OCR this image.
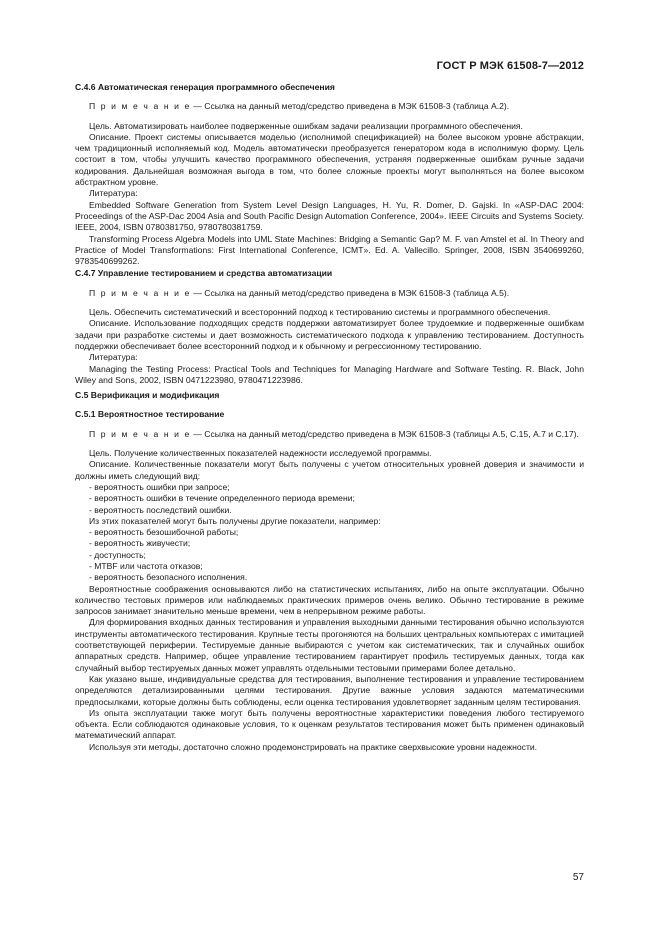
ГОСТ Р МЭК 61508-7—2012
C.4.6 Автоматическая генерация программного обеспечения

П р и м е ч а н и е — Ссылка на данный метод/средство приведена в МЭК 61508-3 (таблица А.2).

Цель. Автоматизировать наиболее подверженные ошибкам задачи реализации программного обеспечения.

Описание. Проект системы описывается моделью (исполнимой спецификацией) на более высоком уровне абстракции, чем традиционный исполняемый код. Модель автоматически преобразуется генератором кода в исполнимую форму. Цель состоит в том, чтобы улучшить качество программного обеспечения, устраняя подверженные ошибкам ручные задачи кодирования. Дальнейшая возможная выгода в том, что более сложные проекты могут выполняться на более высоком абстрактном уровне.

Литература:

Embedded Software Generation from System Level Design Languages, H. Yu, R. Domer, D. Gajski. In «ASP-DAC 2004: Proceedings of the ASP-Dac 2004 Asia and South Pacific Design Automation Conference, 2004». IEEE Circuits and Systems Society. IEEE, 2004, ISBN 0780381750, 9780780381759.

Transforming Process Algebra Models into UML State Machines: Bridging a Semantic Gap? M. F. van Amstel et al. In Theory and Practice of Model Transformations: First International Conference, ICMT». Ed. A. Vallecillo. Springer, 2008, ISBN 3540699260, 9783540699262.

C.4.7 Управление тестированием и средства автоматизации

П р и м е ч а н и е — Ссылка на данный метод/средство приведена в МЭК 61508-3 (таблица А.5).

Цель. Обеспечить систематический и всесторонний подход к тестированию системы и программного обеспечения.

Описание. Использование подходящих средств поддержки автоматизирует более трудоемкие и подверженные ошибкам задачи при разработке системы и дает возможность систематического подхода к управлению тестированием. Доступность поддержки обеспечивает более всесторонний подход и к обычному и регрессионному тестированию.

Литература:

Managing the Testing Process: Practical Tools and Techniques for Managing Hardware and Software Testing. R. Black, John Wiley and Sons, 2002, ISBN 0471223980, 9780471223986.

C.5 Верификация и модификация
C.5.1 Вероятностное тестирование

П р и м е ч а н и е — Ссылка на данный метод/средство приведена в МЭК 61508-3 (таблицы А.5, С.15, А.7 и С.17).

Цель. Получение количественных показателей надежности исследуемой программы.

Описание. Количественные показатели могут быть получены с учетом относительных уровней доверия и значимости и должны иметь следующий вид:

- вероятность ошибки при запросе;
- вероятность ошибки в течение определенного периода времени;
- вероятность последствий ошибки.

Из этих показателей могут быть получены другие показатели, например:

- вероятность безошибочной работы;
- вероятность живучести;
- доступность;
- MTBF или частота отказов;
- вероятность безопасного исполнения.

Вероятностные соображения основываются либо на статистических испытаниях, либо на опыте эксплуатации. Обычно количество тестовых примеров или наблюдаемых практических примеров очень велико. Обычно тестирование в режиме запросов занимает значительно меньше времени, чем в непрерывном режиме работы.

Для формирования входных данных тестирования и управления выходными данными тестирования обычно используются инструменты автоматического тестирования. Крупные тесты прогоняются на больших центральных компьютерах с имитацией соответствующей периферии. Тестируемые данные выбираются с учетом как систематических, так и случайных ошибок аппаратных средств. Например, общее управление тестированием гарантирует профиль тестируемых данных, тогда как случайный выбор тестируемых данных может управлять отдельными тестовыми примерами более детально.

Как указано выше, индивидуальные средства для тестирования, выполнение тестирования и управление тестированием определяются детализированными целями тестирования. Другие важные условия задаются математическими предпосылками, которые должны быть соблюдены, если оценка тестирования удовлетворяет заданным целям тестирования.

Из опыта эксплуатации также могут быть получены вероятностные характеристики поведения любого тестируемого объекта. Если соблюдаются одинаковые условия, то к оценкам результатов тестирования может быть применен одинаковый математический аппарат.

Используя эти методы, достаточно сложно продемонстрировать на практике сверхвысокие уровни надежности.

57
